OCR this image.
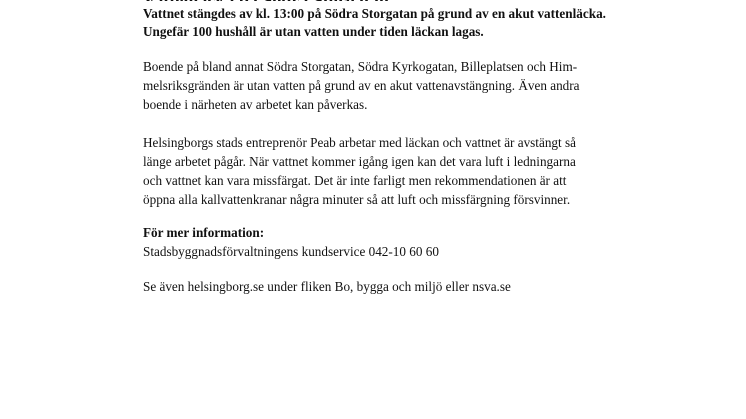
Vattnet stängdes av kl. 13:00 på Södra Storgatan på grund av en akut vattenläcka.
Ungefär 100 hushåll är utan vatten under tiden läckan lagas.

Boende på bland annat Södra Storgatan, Södra Kyrkogatan, Billeplatsen och Him-
melsriksgränden är utan vatten på grund av en akut vattenavstängning. Även andra
boende i närheten av arbetet kan påverkas.

Helsingborgs stads entreprenör Peab arbetar med läckan och vattnet är avstängt så
länge arbetet pågår. När vattnet kommer igång igen kan det vara luft i ledningarna
och vattnet kan vara missfärgat. Det är inte farligt men rekommendationen är att
öppna alla kallvattenkranar några minuter så att luft och missfärgning försvinner.

För mer information:

Stadsbyggnadsförvaltningens kundservice 042-10 60 60

Se även helsingborg.se under fliken Bo, bygga och miljö eller nsva.se
